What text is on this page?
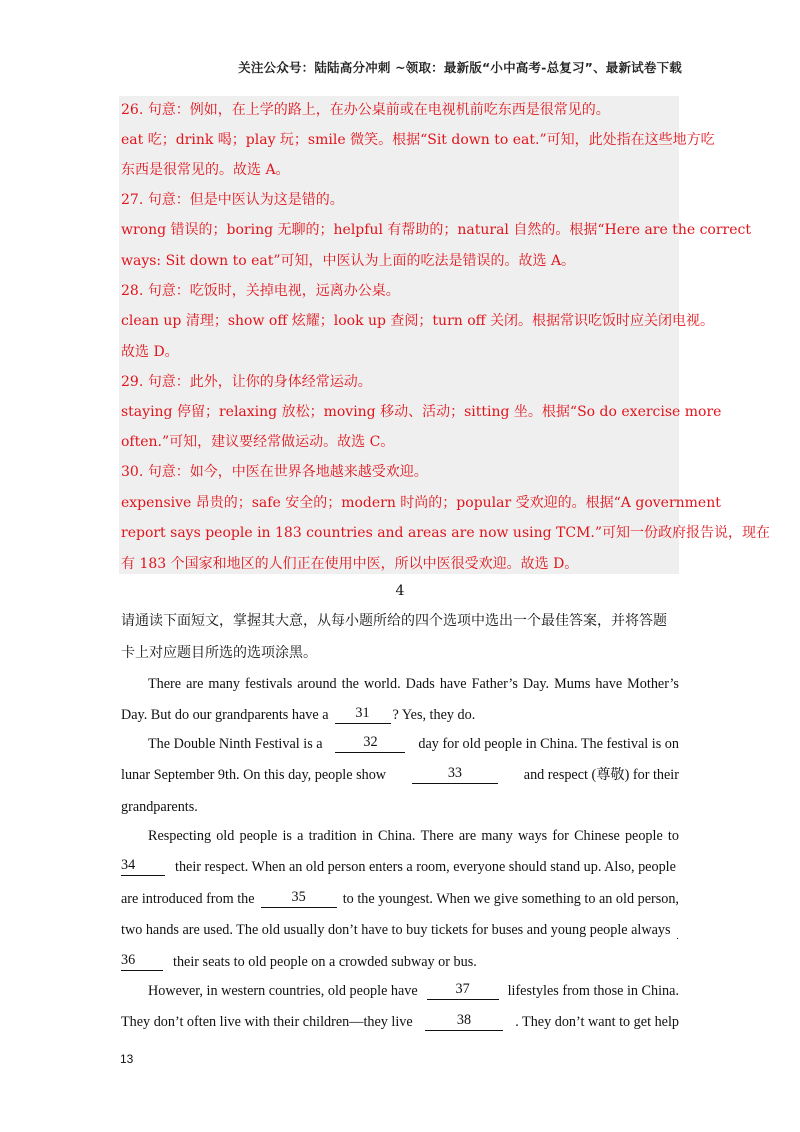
关注公众号：陆陆高分冲刺 ~领取：最新版“小中高考-总复习”、最新试卷下载
26. 句意：例如，在上学的路上，在办公桌前或在电视机前吃东西是很常见的。
eat 吃；drink 喝；play 玩；smile 微笑。根据“Sit down to eat.”可知，此处指在这些地方吃
东西是很常见的。故选 A。
27. 句意：但是中医认为这是错的。
wrong 错误的；boring 无聊的；helpful 有帮助的；natural 自然的。根据“Here are the correct
ways: Sit down to eat”可知，中医认为上面的吃法是错误的。故选 A。
28. 句意：吃饭时，关掉电视，远离办公桌。
clean up 清理；show off 炫耀；look up 查阅；turn off 关闭。根据常识吃饭时应关闭电视。
故选 D。
29. 句意：此外，让你的身体经常运动。
staying 停留；relaxing 放松；moving 移动、活动；sitting 坐。根据“So do exercise more
often.”可知，建议要经常做运动。故选 C。
30. 句意：如今，中医在世界各地越来越受欢迎。
expensive 昂贵的；safe 安全的；modern 时尚的；popular 受欢迎的。根据“A government
report says people in 183 countries and areas are now using TCM.”可知一份政府报告说，现在
有 183 个国家和地区的人们正在使用中医，所以中医很受欢迎。故选 D。
4
请通读下面短文，掌握其大意，从每小题所给的四个选项中选出一个最佳答案，并将答题
卡上对应题目所选的选项涂黑。
There are many festivals around the world. Dads have Father’s Day. Mums have Mother’s
Day. But do our grandparents have a	31	? Yes, they do.
The Double Ninth Festival is a	32	day for old people in China. The festival is on
lunar September 9th. On this day, people show	33	and respect (尊敬) for their
grandparents.
Respecting old people is a tradition in China. There are many ways for Chinese people to
34	their respect. When an old person enters a room, everyone should stand up. Also, people
are introduced from the	35	to the youngest. When we give something to an old person,
two hands are used. The old usually don’t have to buy tickets for buses and young people always
36	their seats to old people on a crowded subway or bus.
However, in western countries, old people have	37	lifestyles from those in China.
They don’t often live with their children—they live	38	. They don’t want to get help
13
